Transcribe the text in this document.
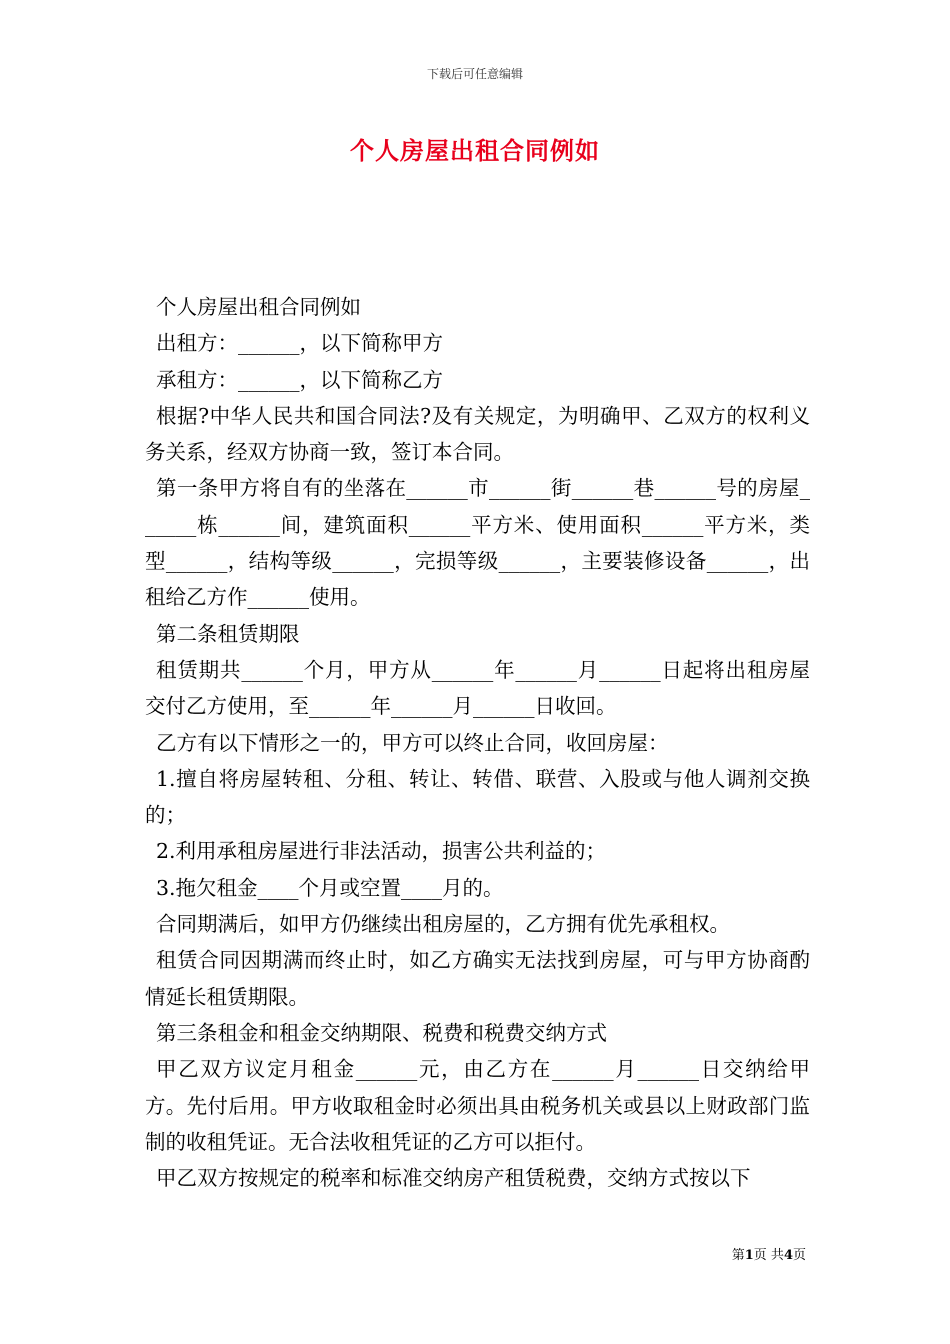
下载后可任意编辑
个人房屋出租合同例如

个人房屋出租合同例如

出租方：______，以下简称甲方

承租方：______，以下简称乙方

根据?中华人民共和国合同法?及有关规定，为明确甲、乙双方的权利义务关系，经双方协商一致，签订本合同。

第一条甲方将自有的坐落在______市______街______巷______号的房屋______栋______间，建筑面积______平方米、使用面积______平方米，类型______，结构等级______，完损等级______，主要装修设备______，出租给乙方作______使用。

第二条租赁期限

租赁期共______个月，甲方从______年______月______日起将出租房屋交付乙方使用，至______年______月______日收回。

乙方有以下情形之一的，甲方可以终止合同，收回房屋：

1.擅自将房屋转租、分租、转让、转借、联营、入股或与他人调剂交换的；

2.利用承租房屋进行非法活动，损害公共利益的；

3.拖欠租金____个月或空置____月的。

合同期满后，如甲方仍继续出租房屋的，乙方拥有优先承租权。

租赁合同因期满而终止时，如乙方确实无法找到房屋，可与甲方协商酌情延长租赁期限。

第三条租金和租金交纳期限、税费和税费交纳方式

甲乙双方议定月租金______元，由乙方在______月______日交纳给甲方。先付后用。甲方收取租金时必须出具由税务机关或县以上财政部门监制的收租凭证。无合法收租凭证的乙方可以拒付。

甲乙双方按规定的税率和标准交纳房产租赁税费，交纳方式按以下

第1页 共4页
